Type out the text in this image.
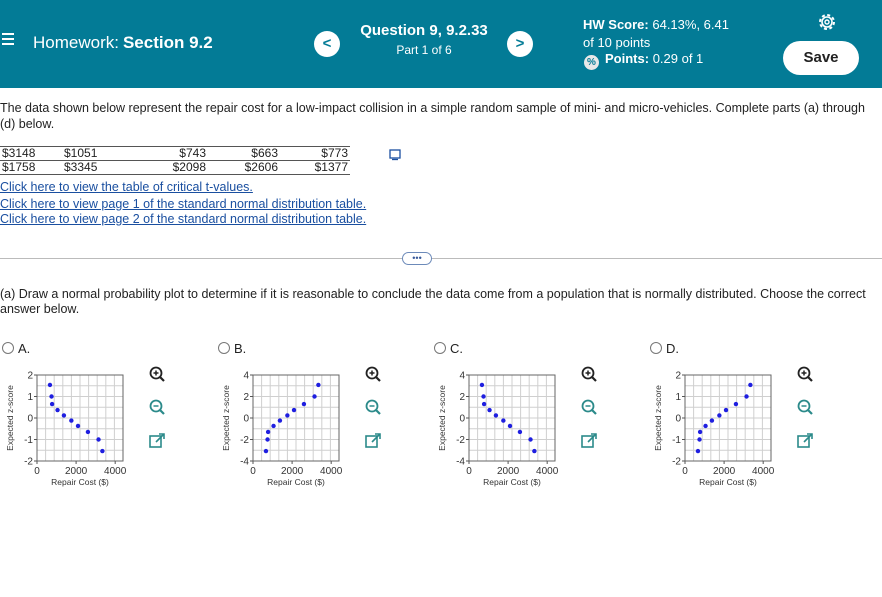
Homework: Section 9.2	<
Question 9, 9.2.33
Part 1 of 6	>
HW Score: 64.13%, 6.41
of 10 points
% Points: 0.29 of 1	Save
The data shown below represent the repair cost for a low-impact collision in a simple random sample of mini- and micro-vehicles. Complete parts (a) through (d) below.
$3148	$1051	$743	$663	$773
$1758	$3345	$2098	$2606	$1377
Click here to view the table of critical t-values.
Click here to view page 1 of the standard normal distribution table.
Click here to view page 2 of the standard normal distribution table.
•••
(a) Draw a normal probability plot to determine if it is reasonable to conclude the data come from a population that is normally distributed. Choose the correct answer below.
A.	B.	C.	D.
2
1
0
-1
-2
0	2000 4000
Repair Cost ($)
Expected z-score
4
2
0
-2
-4
0	2000 4000
Repair Cost ($)
Expected z-score
4
2
0
-2
-4
0	2000 4000
Repair Cost ($)
Expected z-score
2
1
0
-1
-2
0	2000 4000
Repair Cost ($)
Expected z-score
